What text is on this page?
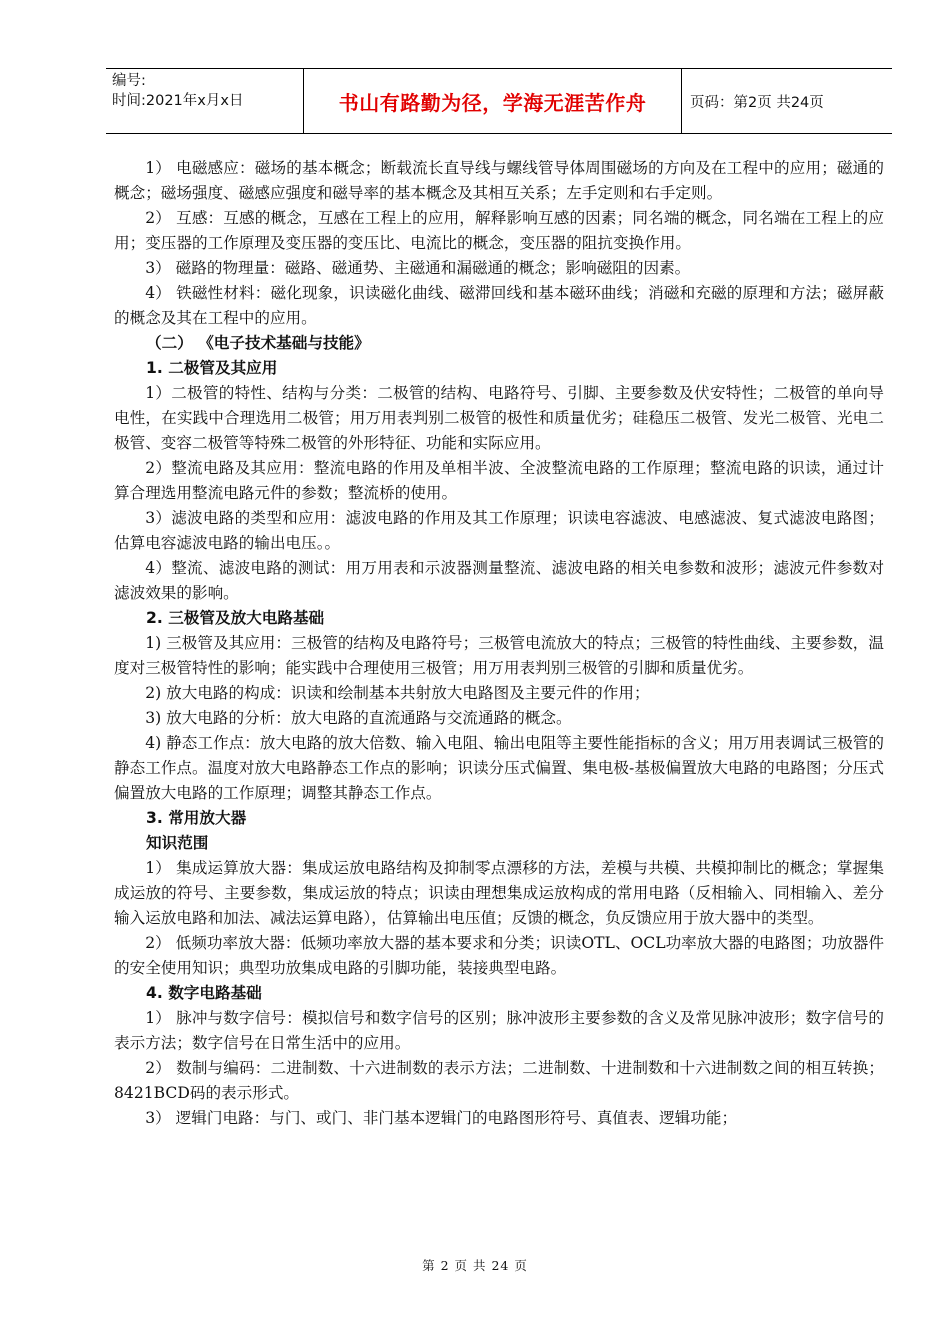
编号:
时间:2021年x月x日	书山有路勤为径，学海无涯苦作舟	页码：第2页 共24页

1） 电磁感应：磁场的基本概念；断载流长直导线与螺线管导体周围磁场的方向及在工程中的应用；磁通的概念；磁场强度、磁感应强度和磁导率的基本概念及其相互关系；左手定则和右手定则。

2） 互感：互感的概念，互感在工程上的应用，解释影响互感的因素；同名端的概念，同名端在工程上的应用；变压器的工作原理及变压器的变压比、电流比的概念，变压器的阻抗变换作用。

3） 磁路的物理量：磁路、磁通势、主磁通和漏磁通的概念；影响磁阻的因素。

4） 铁磁性材料：磁化现象，识读磁化曲线、磁滞回线和基本磁环曲线；消磁和充磁的原理和方法；磁屏蔽的概念及其在工程中的应用。

（二） 《电子技术基础与技能》

1. 二极管及其应用

1）二极管的特性、结构与分类：二极管的结构、电路符号、引脚、主要参数及伏安特性；二极管的单向导电性，在实践中合理选用二极管；用万用表判别二极管的极性和质量优劣；硅稳压二极管、发光二极管、光电二极管、变容二极管等特殊二极管的外形特征、功能和实际应用。

2）整流电路及其应用：整流电路的作用及单相半波、全波整流电路的工作原理；整流电路的识读，通过计算合理选用整流电路元件的参数；整流桥的使用。

3）滤波电路的类型和应用：滤波电路的作用及其工作原理；识读电容滤波、电感滤波、复式滤波电路图；估算电容滤波电路的输出电压。。

4）整流、滤波电路的测试：用万用表和示波器测量整流、滤波电路的相关电参数和波形；滤波元件参数对滤波效果的影响。

2. 三极管及放大电路基础

1) 三极管及其应用：三极管的结构及电路符号；三极管电流放大的特点；三极管的特性曲线、主要参数，温度对三极管特性的影响；能实践中合理使用三极管；用万用表判别三极管的引脚和质量优劣。

2) 放大电路的构成：识读和绘制基本共射放大电路图及主要元件的作用；

3) 放大电路的分析：放大电路的直流通路与交流通路的概念。

4) 静态工作点：放大电路的放大倍数、输入电阻、输出电阻等主要性能指标的含义；用万用表调试三极管的静态工作点。温度对放大电路静态工作点的影响；识读分压式偏置、集电极-基极偏置放大电路的电路图；分压式偏置放大电路的工作原理；调整其静态工作点。

3. 常用放大器

知识范围

1） 集成运算放大器：集成运放电路结构及抑制零点漂移的方法，差模与共模、共模抑制比的概念；掌握集成运放的符号、主要参数，集成运放的特点；识读由理想集成运放构成的常用电路（反相输入、同相输入、差分输入运放电路和加法、减法运算电路），估算输出电压值；反馈的概念，负反馈应用于放大器中的类型。

2） 低频功率放大器：低频功率放大器的基本要求和分类；识读OTL、OCL功率放大器的电路图；功放器件的安全使用知识；典型功放集成电路的引脚功能，装接典型电路。

4. 数字电路基础

1） 脉冲与数字信号：模拟信号和数字信号的区别；脉冲波形主要参数的含义及常见脉冲波形；数字信号的表示方法；数字信号在日常生活中的应用。

2） 数制与编码：二进制数、十六进制数的表示方法；二进制数、十进制数和十六进制数之间的相互转换； 8421BCD码的表示形式。

3） 逻辑门电路：与门、或门、非门基本逻辑门的电路图形符号、真值表、逻辑功能；

第 2 页 共 24 页
